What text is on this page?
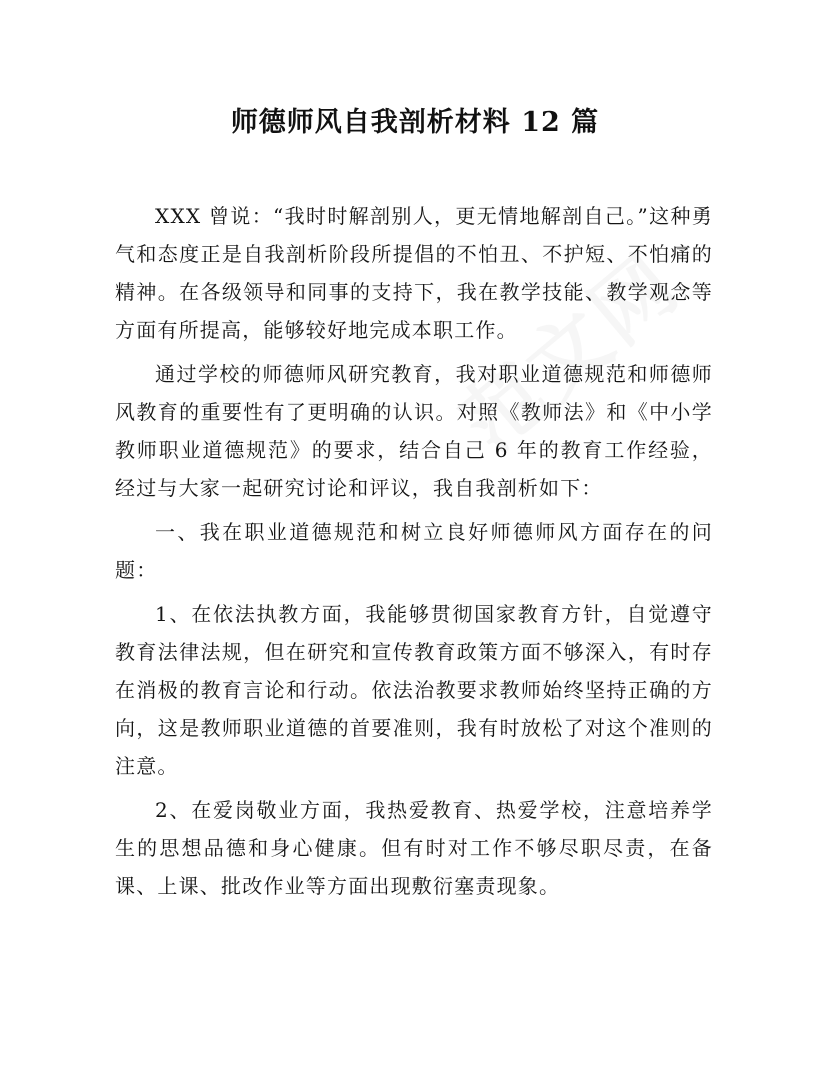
师德师风自我剖析材料 12 篇

XXX 曾说：“我时时解剖别人，更无情地解剖自己。”这种勇气和态度正是自我剖析阶段所提倡的不怕丑、不护短、不怕痛的精神。在各级领导和同事的支持下，我在教学技能、教学观念等方面有所提高，能够较好地完成本职工作。

通过学校的师德师风研究教育，我对职业道德规范和师德师风教育的重要性有了更明确的认识。对照《教师法》和《中小学教师职业道德规范》的要求，结合自己 6 年的教育工作经验，经过与大家一起研究讨论和评议，我自我剖析如下：

一、我在职业道德规范和树立良好师德师风方面存在的问题：

1、在依法执教方面，我能够贯彻国家教育方针，自觉遵守教育法律法规，但在研究和宣传教育政策方面不够深入，有时存在消极的教育言论和行动。依法治教要求教师始终坚持正确的方向，这是教师职业道德的首要准则，我有时放松了对这个准则的注意。

2、在爱岗敬业方面，我热爱教育、热爱学校，注意培养学生的思想品德和身心健康。但有时对工作不够尽职尽责，在备课、上课、批改作业等方面出现敷衍塞责现象。
